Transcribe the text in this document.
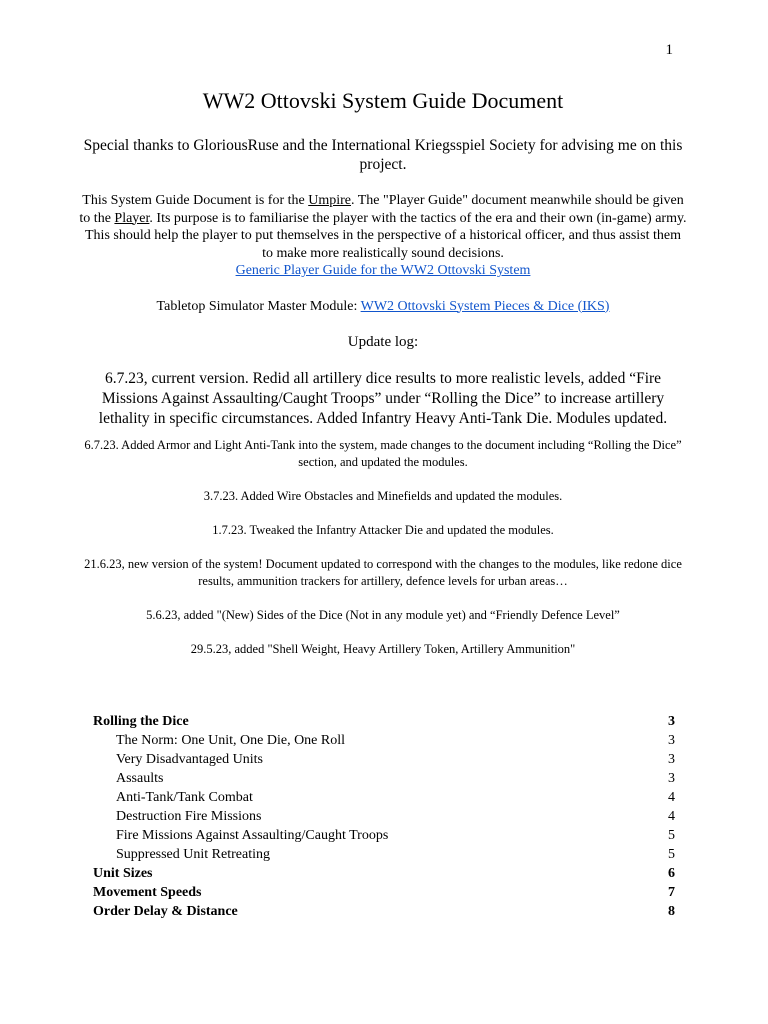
1
WW2 Ottovski System Guide Document

Special thanks to GloriousRuse and the International Kriegsspiel Society for advising me on this project.

This System Guide Document is for the Umpire. The "Player Guide" document meanwhile should be given to the Player. Its purpose is to familiarise the player with the tactics of the era and their own (in-game) army. This should help the player to put themselves in the perspective of a historical officer, and thus assist them to make more realistically sound decisions.
Generic Player Guide for the WW2 Ottovski System

Tabletop Simulator Master Module: WW2 Ottovski System Pieces & Dice (IKS)

Update log:

6.7.23, current version. Redid all artillery dice results to more realistic levels, added “Fire Missions Against Assaulting/Caught Troops” under “Rolling the Dice” to increase artillery lethality in specific circumstances. Added Infantry Heavy Anti-Tank Die. Modules updated.

6.7.23. Added Armor and Light Anti-Tank into the system, made changes to the document including “Rolling the Dice” section, and updated the modules.

3.7.23. Added Wire Obstacles and Minefields and updated the modules.

1.7.23. Tweaked the Infantry Attacker Die and updated the modules.

21.6.23, new version of the system! Document updated to correspond with the changes to the modules, like redone dice results, ammunition trackers for artillery, defence levels for urban areas…

5.6.23, added "(New) Sides of the Dice (Not in any module yet) and “Friendly Defence Level”

29.5.23, added "Shell Weight, Heavy Artillery Token, Artillery Ammunition"

Rolling the Dice	3
The Norm: One Unit, One Die, One Roll	3
Very Disadvantaged Units	3
Assaults	3
Anti-Tank/Tank Combat	4
Destruction Fire Missions	4
Fire Missions Against Assaulting/Caught Troops	5
Suppressed Unit Retreating	5
Unit Sizes	6
Movement Speeds	7
Order Delay & Distance	8
